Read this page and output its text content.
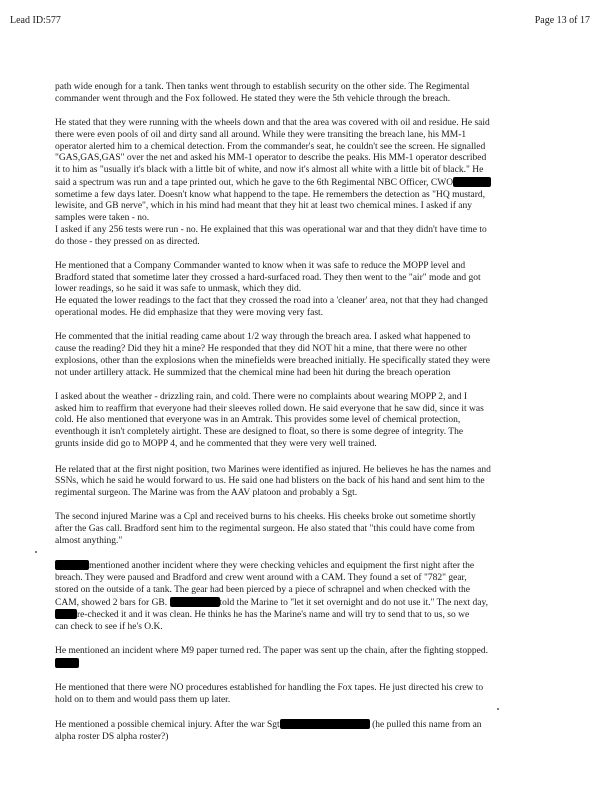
Lead ID:577	Page 13 of 17
path wide enough for a tank. Then tanks went through to establish security on the other side. The Regimental
commander went through and the Fox followed. He stated they were the 5th vehicle through the breach.
He stated that they were running with the wheels down and that the area was covered with oil and residue. He said
there were even pools of oil and dirty sand all around. While they were transiting the breach lane, his MM-1
operator alerted him to a chemical detection. From the commander's seat, he couldn't see the screen. He signalled
"GAS,GAS,GAS" over the net and asked his MM-1 operator to describe the peaks. His MM-1 operator described
it to him as "usually it's black with a little bit of white, and now it's almost all white with a little bit of black." He
said a spectrum was run and a tape printed out, which he gave to the 6th Regimental NBC Officer, CWO
sometime a few days later. Doesn't know what happend to the tape. He remembers the detection as "HQ mustard,
lewisite, and GB nerve", which in his mind had meant that they hit at least two chemical mines. I asked if any
samples were taken - no.
I asked if any 256 tests were run - no. He explained that this was operational war and that they didn't have time to
do those - they pressed on as directed.
He mentioned that a Company Commander wanted to know when it was safe to reduce the MOPP level and
Bradford stated that sometime later they crossed a hard-surfaced road. They then went to the "air" mode and got
lower readings, so he said it was safe to unmask, which they did.
He equated the lower readings to the fact that they crossed the road into a 'cleaner' area, not that they had changed
operational modes. He did emphasize that they were moving very fast.
He commented that the initial reading came about 1/2 way through the breach area. I asked what happened to
cause the reading? Did they hit a mine? He responded that they did NOT hit a mine, that there were no other
explosions, other than the explosions when the minefields were breached initially. He specifically stated they were
not under artillery attack. He summized that the chemical mine had been hit during the breach operation
I asked about the weather - drizzling rain, and cold. There were no complaints about wearing MOPP 2, and I
asked him to reaffirm that everyone had their sleeves rolled down. He said everyone that he saw did, since it was
cold. He also mentioned that everyone was in an Amtrak. This provides some level of chemical protection,
eventhough it isn't completely airtight. These are designed to float, so there is some degree of integrity. The
grunts inside did go to MOPP 4, and he commented that they were very well trained.
He related that at the first night position, two Marines were identified as injured. He believes he has the names and
SSNs, which he said he would forward to us. He said one had blisters on the back of his hand and sent him to the
regimental surgeon. The Marine was from the AAV platoon and probably a Sgt.
The second injured Marine was a Cpl and received burns to his cheeks. His cheeks broke out sometime shortly
after the Gas call. Bradford sent him to the regimental surgeon. He also stated that "this could have come from
almost anything."
mentioned another incident where they were checking vehicles and equipment the first night after the
breach. They were paused and Bradford and crew went around with a CAM. They found a set of "782" gear,
stored on the outside of a tank. The gear had been pierced by a piece of schrapnel and when checked with the
CAM, showed 2 bars for GB.	told the Marine to "let it set overnight and do not use it." The next day,
re-checked it and it was clean. He thinks he has the Marine's name and will try to send that to us, so we
can check to see if he's O.K.
He mentioned an incident where M9 paper turned red. The paper was sent up the chain, after the fighting stopped.
He mentioned that there were NO procedures established for handling the Fox tapes. He just directed his crew to
hold on to them and would pass them up later.
He mentioned a possible chemical injury. After the war Sgt	(he pulled this name from an
alpha roster DS alpha roster?)
